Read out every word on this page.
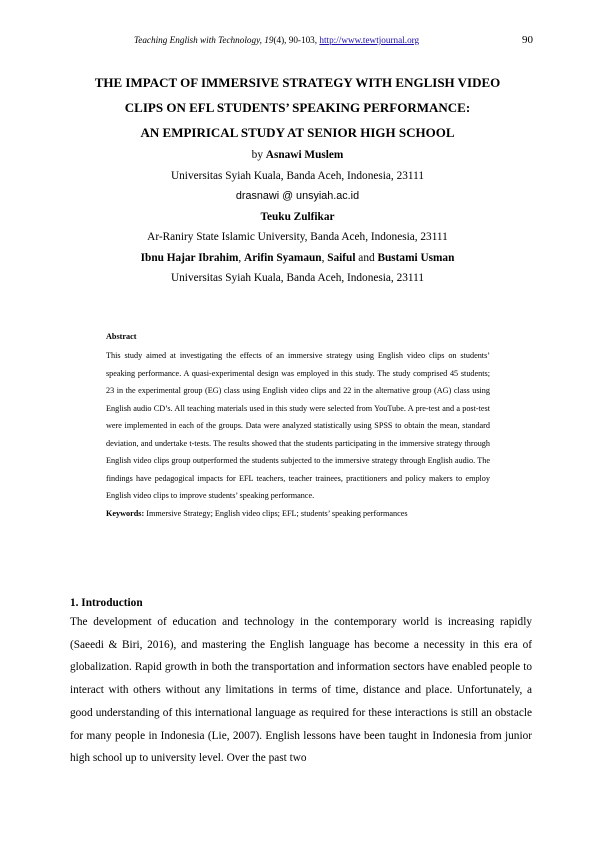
Teaching English with Technology, 19(4), 90-103, http://www.tewtjournal.org	90
THE IMPACT OF IMMERSIVE STRATEGY WITH ENGLISH VIDEO
CLIPS ON EFL STUDENTS’ SPEAKING PERFORMANCE:
AN EMPIRICAL STUDY AT SENIOR HIGH SCHOOL
by Asnawi Muslem
Universitas Syiah Kuala, Banda Aceh, Indonesia, 23111
drasnawi @ unsyiah.ac.id
Teuku Zulfikar
Ar-Raniry State Islamic University, Banda Aceh, Indonesia, 23111
Ibnu Hajar Ibrahim, Arifin Syamaun, Saiful and Bustami Usman
Universitas Syiah Kuala, Banda Aceh, Indonesia, 23111
Abstract
This study aimed at investigating the effects of an immersive strategy using English video clips on students’ speaking performance. A quasi-experimental design was employed in this study. The study comprised 45 students; 23 in the experimental group (EG) class using English video clips and 22 in the alternative group (AG) class using English audio CD’s. All teaching materials used in this study were selected from YouTube. A pre-test and a post-test were implemented in each of the groups. Data were analyzed statistically using SPSS to obtain the mean, standard deviation, and undertake t-tests. The results showed that the students participating in the immersive strategy through English video clips group outperformed the students subjected to the immersive strategy through English audio. The findings have pedagogical impacts for EFL teachers, teacher trainees, practitioners and policy makers to employ English video clips to improve students’ speaking performance.
Keywords: Immersive Strategy; English video clips; EFL; students’ speaking performances
1. Introduction
The development of education and technology in the contemporary world is increasing rapidly (Saeedi & Biri, 2016), and mastering the English language has become a necessity in this era of globalization. Rapid growth in both the transportation and information sectors have enabled people to interact with others without any limitations in terms of time, distance and place. Unfortunately, a good understanding of this international language as required for these interactions is still an obstacle for many people in Indonesia (Lie, 2007). English lessons have been taught in Indonesia from junior high school up to university level. Over the past two
